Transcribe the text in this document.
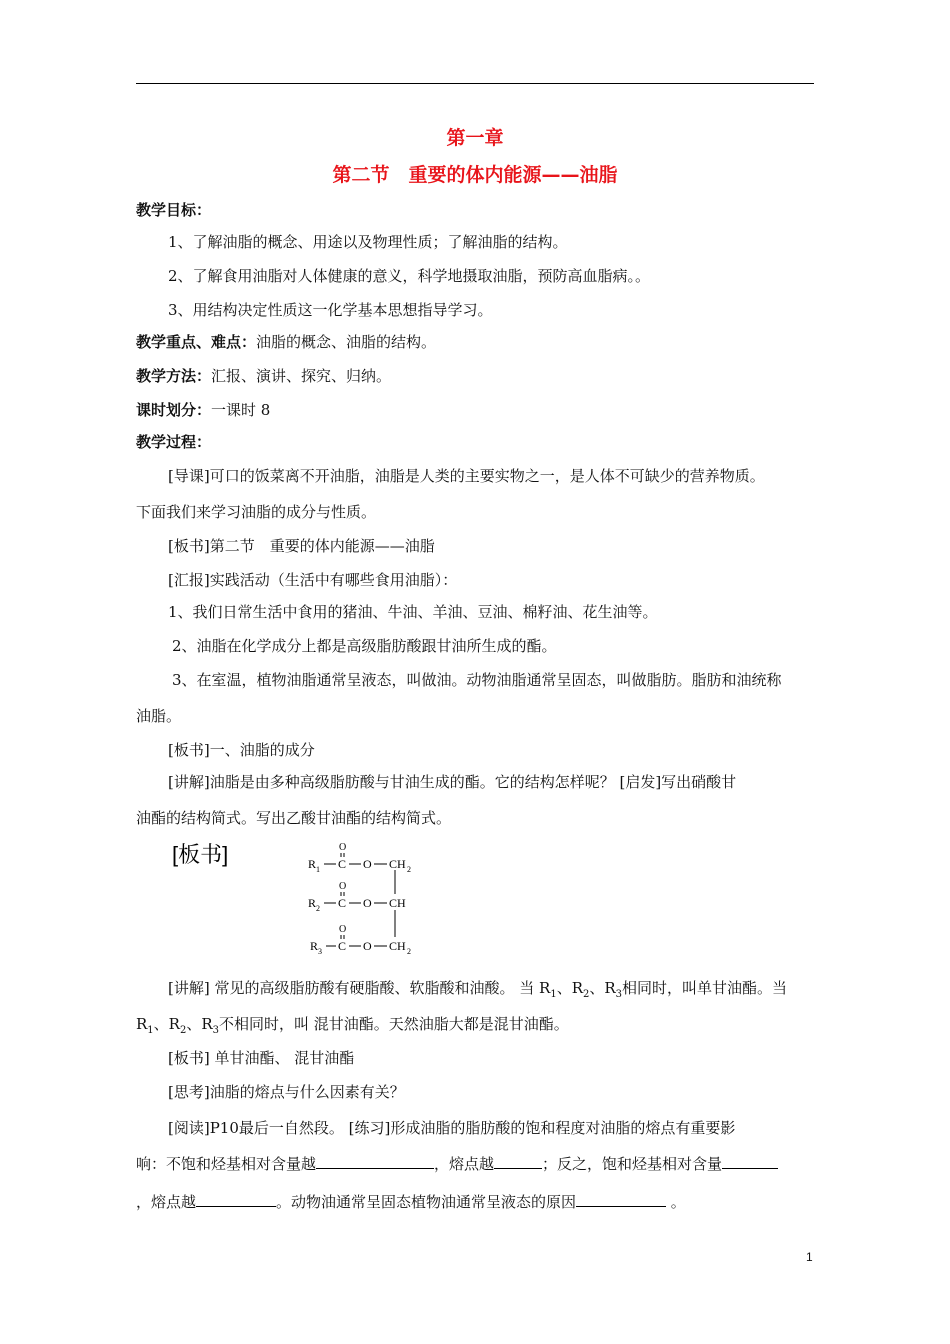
第一章
第二节　重要的体内能源——油脂
教学目标：
1、了解油脂的概念、用途以及物理性质；了解油脂的结构。
2、了解食用油脂对人体健康的意义，科学地摄取油脂，预防高血脂病。。
3、用结构决定性质这一化学基本思想指导学习。
教学重点、难点：油脂的概念、油脂的结构。
教学方法：汇报、演讲、探究、归纳。
课时划分：一课时 8
教学过程：
[导课]可口的饭菜离不开油脂，油脂是人类的主要实物之一，是人体不可缺少的营养物质。
下面我们来学习油脂的成分与性质。
[板书]第二节　重要的体内能源——油脂
[汇报]实践活动（生活中有哪些食用油脂）：
1、我们日常生活中食用的猪油、牛油、羊油、豆油、棉籽油、花生油等。
2、油脂在化学成分上都是高级脂肪酸跟甘油所生成的酯。
3、在室温，植物油脂通常呈液态，叫做油。动物油脂通常呈固态，叫做脂肪。脂肪和油统称
油脂。
[板书]一、油脂的成分
[讲解]油脂是由多种高级脂肪酸与甘油生成的酯。它的结构怎样呢？ [启发]写出硝酸甘
油酯的结构简式。写出乙酸甘油酯的结构简式。
[板书]	R 1 C
O
O CH 2
R 2 C
O
O CH
R 3 C
O
O CH 2
[讲解] 常见的高级脂肪酸有硬脂酸、软脂酸和油酸。 当 $R_1$、$R_2$、$R_3$相同时，叫单甘油酯。当
$R_1$、$R_2$、$R_3$不相同时，叫 混甘油酯。天然油脂大都是混甘油酯。
[板书] 单甘油酯、 混甘油酯
[思考]油脂的熔点与什么因素有关？
[阅读]P10最后一自然段。 [练习]形成油脂的脂肪酸的饱和程度对油脂的熔点有重要影
响：不饱和烃基相对含量越	，熔点越	；反之，饱和烃基相对含量
，熔点越	。动物油通常呈固态植物油通常呈液态的原因	。
1
